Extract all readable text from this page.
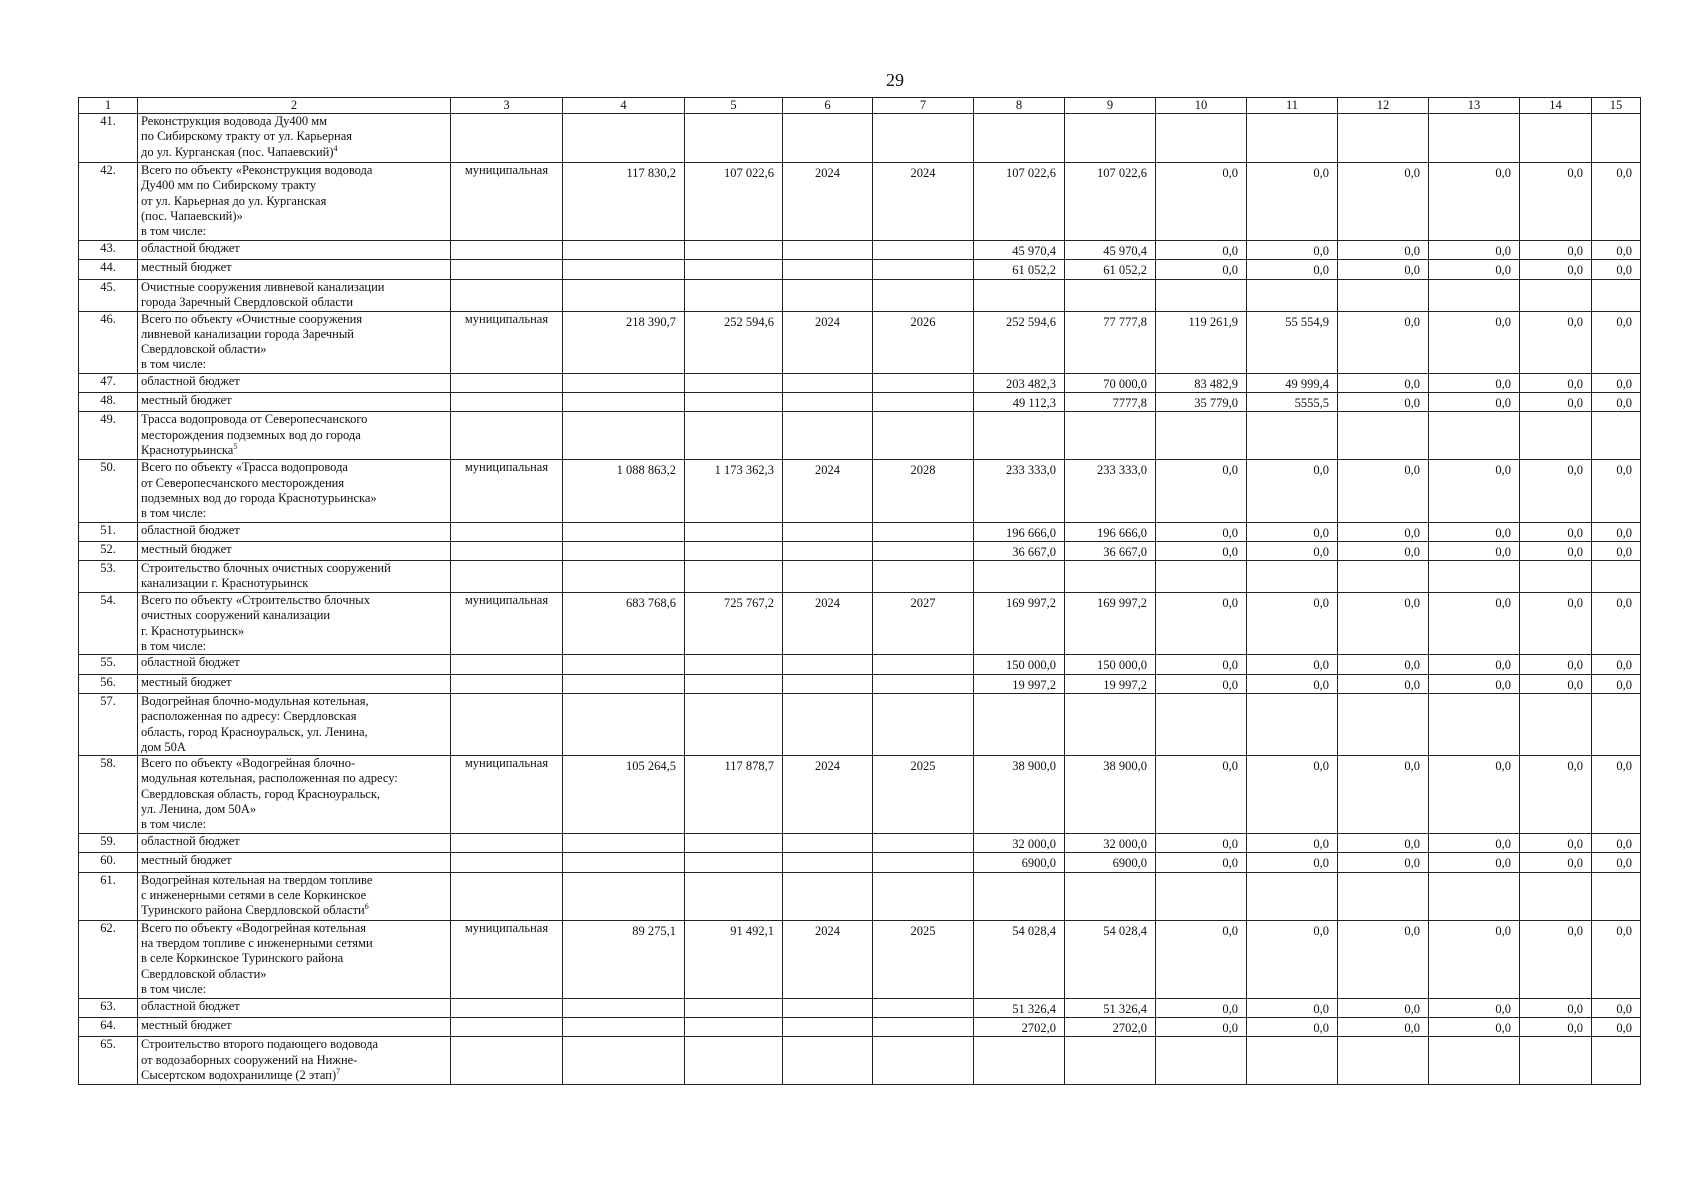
29
1	2	3	4	5	6	7	8	9	10	11	12	13	14	15
41.	Реконструкция водовода Ду400 мм
по Сибирскому тракту от ул. Карьерная
до ул. Курганская (пос. Чапаевский)$^4$													
42.	Всего по объекту «Реконструкция водовода
Ду400 мм по Сибирскому тракту
от ул. Карьерная до ул. Курганская
(пос. Чапаевский)»
в том числе:	муниципальная	117 830,2	107 022,6	2024	2024	107 022,6	107 022,6	0,0	0,0	0,0	0,0	0,0	0,0
43.	областной бюджет						45 970,4	45 970,4	0,0	0,0	0,0	0,0	0,0	0,0
44.	местный бюджет						61 052,2	61 052,2	0,0	0,0	0,0	0,0	0,0	0,0
45.	Очистные сооружения ливневой канализации
города Заречный Свердловской области													
46.	Всего по объекту «Очистные сооружения
ливневой канализации города Заречный
Свердловской области»
в том числе:	муниципальная	218 390,7	252 594,6	2024	2026	252 594,6	77 777,8	119 261,9	55 554,9	0,0	0,0	0,0	0,0
47.	областной бюджет						203 482,3	70 000,0	83 482,9	49 999,4	0,0	0,0	0,0	0,0
48.	местный бюджет						49 112,3	7777,8	35 779,0	5555,5	0,0	0,0	0,0	0,0
49.	Трасса водопровода от Северопесчанского
месторождения подземных вод до города
Краснотурьинска$^5$													
50.	Всего по объекту «Трасса водопровода
от Северопесчанского месторождения
подземных вод до города Краснотурьинска»
в том числе:	муниципальная	1 088 863,2	1 173 362,3	2024	2028	233 333,0	233 333,0	0,0	0,0	0,0	0,0	0,0	0,0
51.	областной бюджет						196 666,0	196 666,0	0,0	0,0	0,0	0,0	0,0	0,0
52.	местный бюджет						36 667,0	36 667,0	0,0	0,0	0,0	0,0	0,0	0,0
53.	Строительство блочных очистных сооружений
канализации г. Краснотурьинск													
54.	Всего по объекту «Строительство блочных
очистных сооружений канализации
г. Краснотурьинск»
в том числе:	муниципальная	683 768,6	725 767,2	2024	2027	169 997,2	169 997,2	0,0	0,0	0,0	0,0	0,0	0,0
55.	областной бюджет						150 000,0	150 000,0	0,0	0,0	0,0	0,0	0,0	0,0
56.	местный бюджет						19 997,2	19 997,2	0,0	0,0	0,0	0,0	0,0	0,0
57.	Водогрейная блочно-модульная котельная,
расположенная по адресу: Свердловская
область, город Красноуральск, ул. Ленина,
дом 50А													
58.	Всего по объекту «Водогрейная блочно-
модульная котельная, расположенная по адресу:
Свердловская область, город Красноуральск,
ул. Ленина, дом 50А»
в том числе:	муниципальная	105 264,5	117 878,7	2024	2025	38 900,0	38 900,0	0,0	0,0	0,0	0,0	0,0	0,0
59.	областной бюджет						32 000,0	32 000,0	0,0	0,0	0,0	0,0	0,0	0,0
60.	местный бюджет						6900,0	6900,0	0,0	0,0	0,0	0,0	0,0	0,0
61.	Водогрейная котельная на твердом топливе
с инженерными сетями в селе Коркинское
Туринского района Свердловской области$^6$													
62.	Всего по объекту «Водогрейная котельная
на твердом топливе с инженерными сетями
в селе Коркинское Туринского района
Свердловской области»
в том числе:	муниципальная	89 275,1	91 492,1	2024	2025	54 028,4	54 028,4	0,0	0,0	0,0	0,0	0,0	0,0
63.	областной бюджет						51 326,4	51 326,4	0,0	0,0	0,0	0,0	0,0	0,0
64.	местный бюджет						2702,0	2702,0	0,0	0,0	0,0	0,0	0,0	0,0
65.	Строительство второго подающего водовода
от водозаборных сооружений на Нижне-
Сысертском водохранилище (2 этап)$^7$													
